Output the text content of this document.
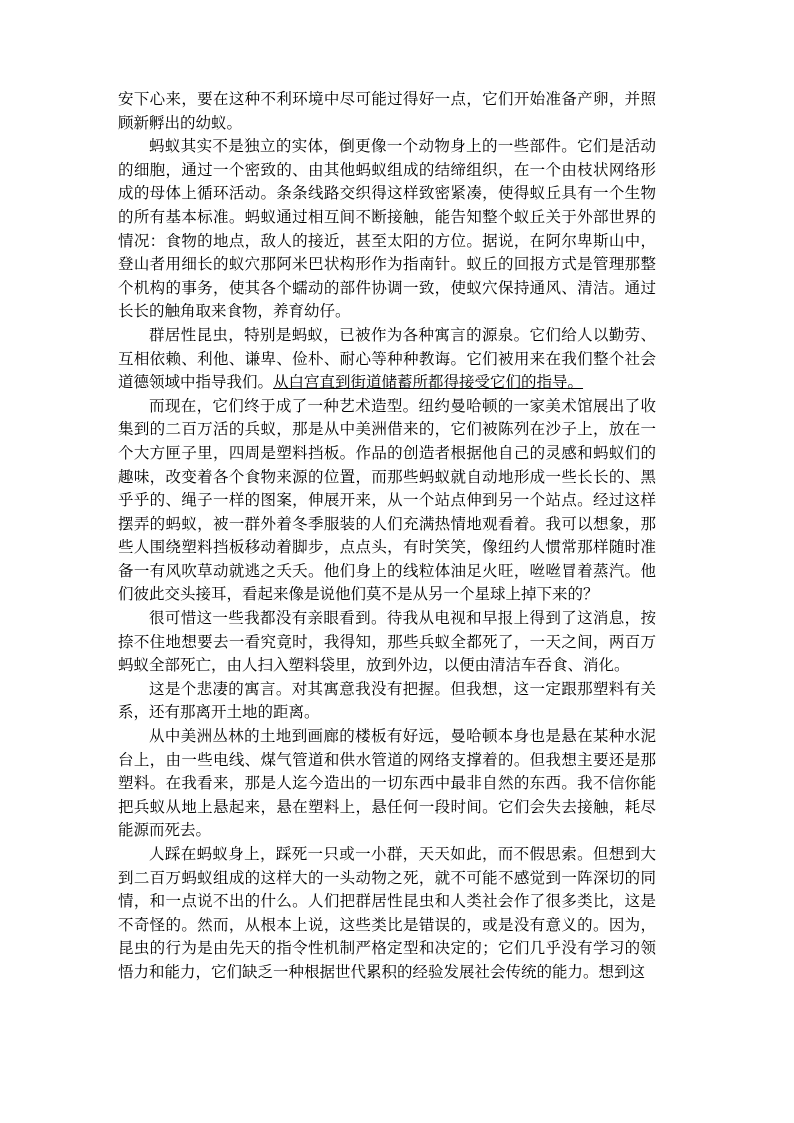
安下心来，要在这种不利环境中尽可能过得好一点，它们开始准备产卵，并照顾新孵出的幼蚁。

蚂蚁其实不是独立的实体，倒更像一个动物身上的一些部件。它们是活动的细胞，通过一个密致的、由其他蚂蚁组成的结缔组织，在一个由枝状网络形成的母体上循环活动。条条线路交织得这样致密紧凑，使得蚁丘具有一个生物的所有基本标准。蚂蚁通过相互间不断接触，能告知整个蚁丘关于外部世界的情况：食物的地点，敌人的接近，甚至太阳的方位。据说，在阿尔卑斯山中，登山者用细长的蚁穴那阿米巴状构形作为指南针。蚁丘的回报方式是管理那整个机构的事务，使其各个蠕动的部件协调一致，使蚁穴保持通风、清洁。通过长长的触角取来食物，养育幼仔。

群居性昆虫，特别是蚂蚁，已被作为各种寓言的源泉。它们给人以勤劳、互相依赖、利他、谦卑、俭朴、耐心等种种教诲。它们被用来在我们整个社会道德领域中指导我们。从白宫直到街道储蓄所都得接受它们的指导。

而现在，它们终于成了一种艺术造型。纽约曼哈顿的一家美术馆展出了收集到的二百万活的兵蚁，那是从中美洲借来的，它们被陈列在沙子上，放在一个大方匣子里，四周是塑料挡板。作品的创造者根据他自己的灵感和蚂蚁们的趣味，改变着各个食物来源的位置，而那些蚂蚁就自动地形成一些长长的、黑乎乎的、绳子一样的图案，伸展开来，从一个站点伸到另一个站点。经过这样摆弄的蚂蚁，被一群外着冬季服装的人们充满热情地观看着。我可以想象，那些人围绕塑料挡板移动着脚步，点点头，有时笑笑，像纽约人惯常那样随时准备一有风吹草动就逃之夭夭。他们身上的线粒体油足火旺，咝咝冒着蒸汽。他们彼此交头接耳，看起来像是说他们莫不是从另一个星球上掉下来的？

很可惜这一些我都没有亲眼看到。待我从电视和早报上得到了这消息，按捺不住地想要去一看究竟时，我得知，那些兵蚁全都死了，一天之间，两百万蚂蚁全部死亡，由人扫入塑料袋里，放到外边，以便由清洁车吞食、消化。

这是个悲凄的寓言。对其寓意我没有把握。但我想，这一定跟那塑料有关系，还有那离开土地的距离。

从中美洲丛林的土地到画廊的楼板有好远，曼哈顿本身也是悬在某种水泥台上，由一些电线、煤气管道和供水管道的网络支撑着的。但我想主要还是那塑料。在我看来，那是人迄今造出的一切东西中最非自然的东西。我不信你能把兵蚁从地上悬起来，悬在塑料上，悬任何一段时间。它们会失去接触，耗尽能源而死去。

人踩在蚂蚁身上，踩死一只或一小群，天天如此，而不假思索。但想到大到二百万蚂蚁组成的这样大的一头动物之死，就不可能不感觉到一阵深切的同情，和一点说不出的什么。人们把群居性昆虫和人类社会作了很多类比，这是不奇怪的。然而，从根本上说，这些类比是错误的，或是没有意义的。因为，昆虫的行为是由先天的指令性机制严格定型和决定的；它们几乎没有学习的领悟力和能力，它们缺乏一种根据世代累积的经验发展社会传统的能力。想到这
